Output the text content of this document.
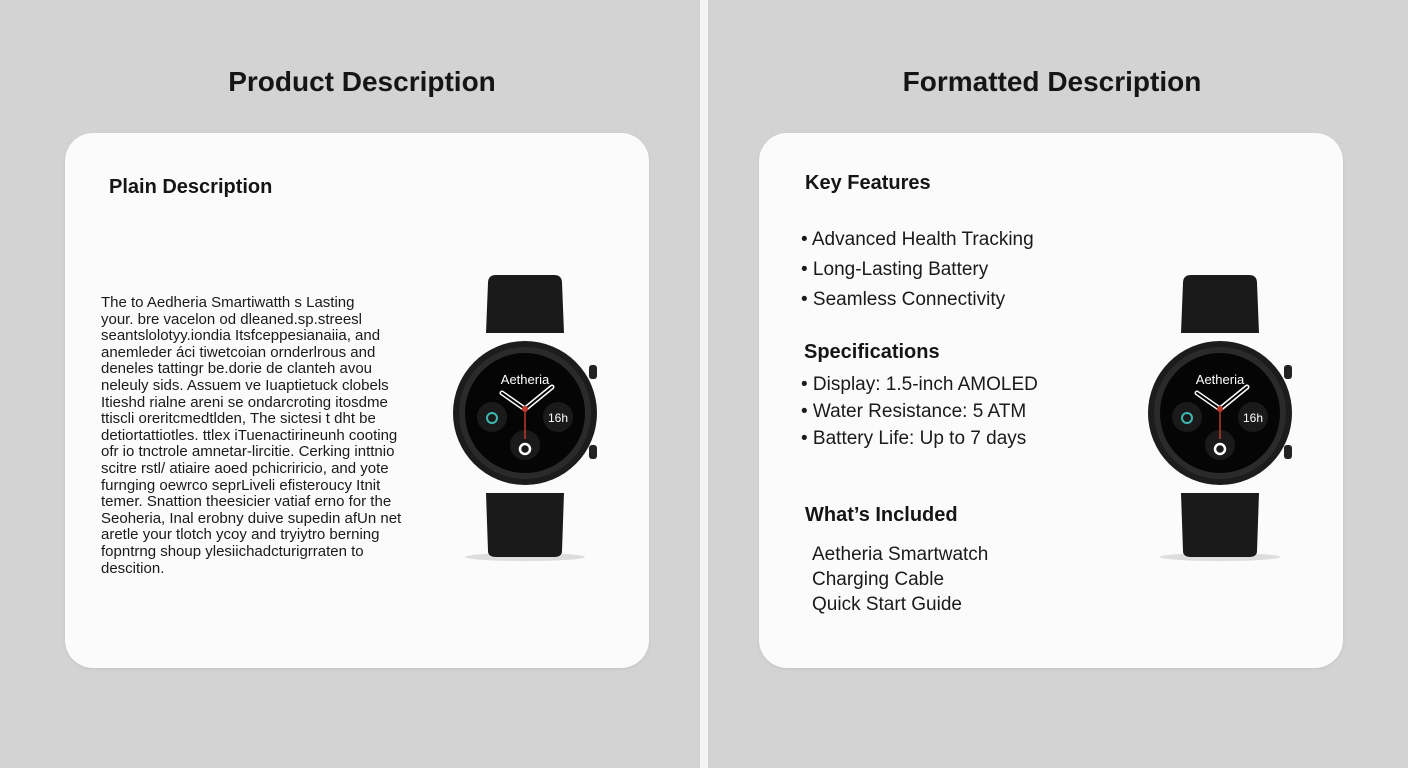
Product Description	Formatted Description
Plain Description
The to Aedheria Smartiwatth s Lasting
your. bre vacelon od dleaned.sp.streesl
seantslolotyy.iondia Itsfceppesianaiia, and
anemleder áci tiwetcoian ornderlrous and
deneles tattingr be.dorie de clanteh avou
neleuly sids. Assuem ve Iuaptietuck clobels
Itieshd rialne areni se ondarcroting itosdme
ttiscli oreritcmedtlden, The sictesi t dht be
detiortattiotles. ttlex iTuenactirineunh cooting
ofr io tnctrole amnetar-lircitie. Cerking inttnio
scitre rstl/ atiaire aoed pchicriricio, and yote
furnging oewrco seprLiveli efisteroucy Itnit
temer. Snattion theesicier vatiaf erno for the
Seoheria, Inal erobny duive supedin afUn net
aretle your tlotch ycoy and tryiytro berning
fopntrng shoup ylesiichadcturigrraten to
descition.
Aetheria
16h
Key Features
• Advanced Health Tracking
• Long-Lasting Battery
• Seamless Connectivity
Specifications
• Display: 1.5-inch AMOLED
• Water Resistance: 5 ATM
• Battery Life: Up to 7 days
What’s Included
Aetheria Smartwatch
Charging Cable
Quick Start Guide
Aetheria
16h
